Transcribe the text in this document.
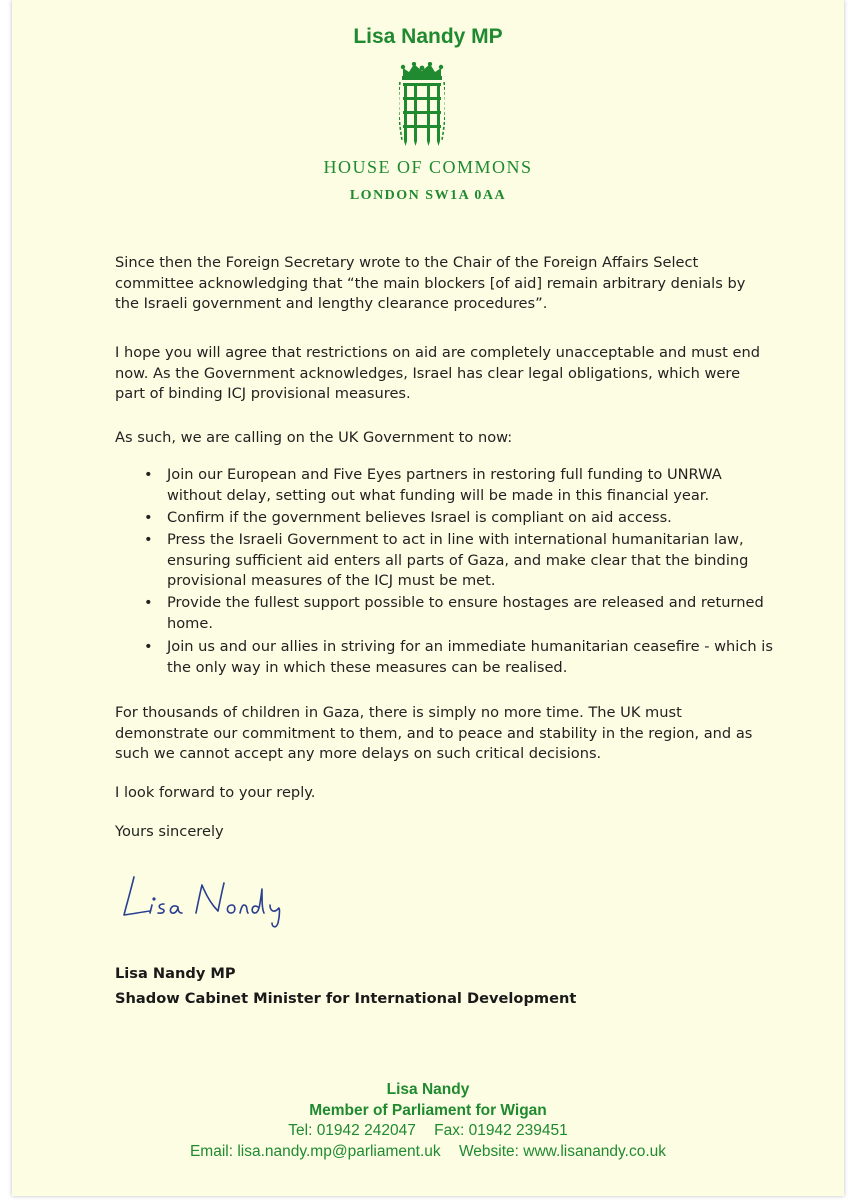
Lisa Nandy MP
HOUSE OF COMMONS
LONDON SW1A 0AA

Since then the Foreign Secretary wrote to the Chair of the Foreign Affairs Select committee acknowledging that “the main blockers [of aid] remain arbitrary denials by the Israeli government and lengthy clearance procedures”.

I hope you will agree that restrictions on aid are completely unacceptable and must end now. As the Government acknowledges, Israel has clear legal obligations, which were part of binding ICJ provisional measures.

As such, we are calling on the UK Government to now:

• Join our European and Five Eyes partners in restoring full funding to UNRWA without delay, setting out what funding will be made in this financial year.
• Confirm if the government believes Israel is compliant on aid access.
• Press the Israeli Government to act in line with international humanitarian law, ensuring sufficient aid enters all parts of Gaza, and make clear that the binding provisional measures of the ICJ must be met.
• Provide the fullest support possible to ensure hostages are released and returned home.
• Join us and our allies in striving for an immediate humanitarian ceasefire - which is the only way in which these measures can be realised.

For thousands of children in Gaza, there is simply no more time. The UK must demonstrate our commitment to them, and to peace and stability in the region, and as such we cannot accept any more delays on such critical decisions.

I look forward to your reply.

Yours sincerely

Lisa Nandy MP
Shadow Cabinet Minister for International Development
Lisa Nandy
Member of Parliament for Wigan
Tel: 01942 242047 Fax: 01942 239451
Email: lisa.nandy.mp@parliament.uk Website: www.lisanandy.co.uk
